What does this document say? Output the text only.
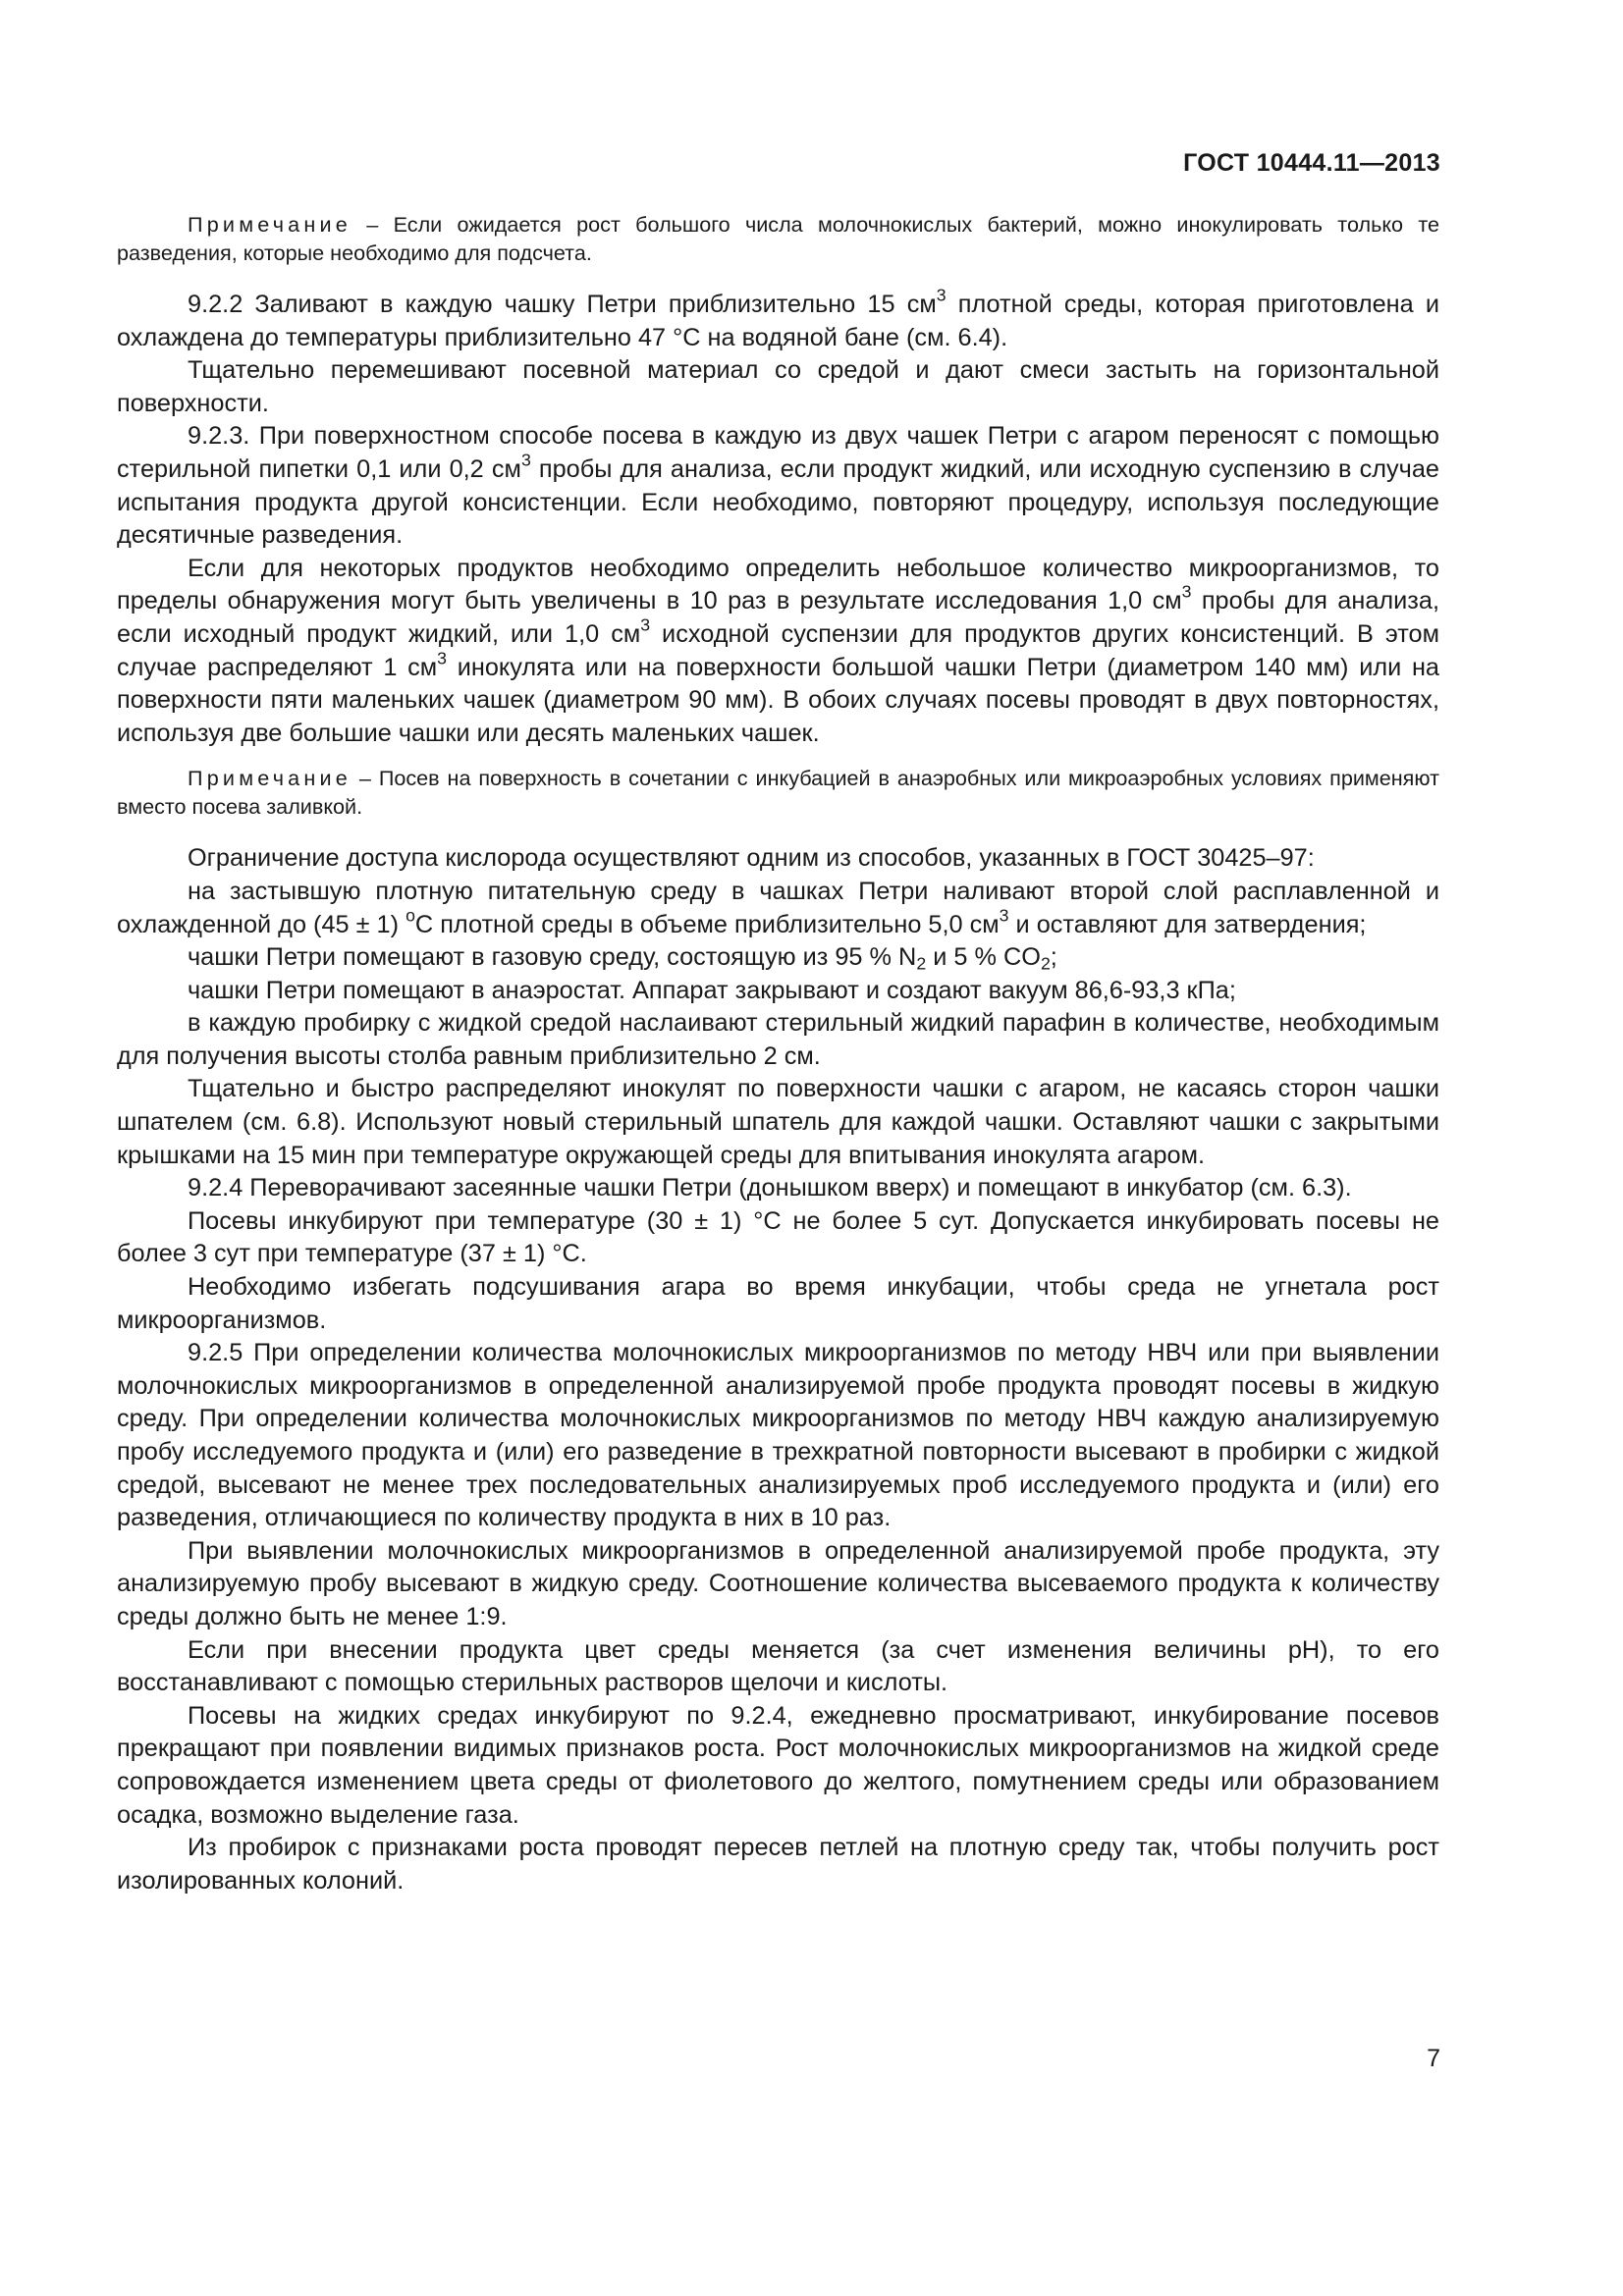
ГОСТ 10444.11—2013

Примечание – Если ожидается рост большого числа молочнокислых бактерий, можно инокулировать только те разведения, которые необходимо для подсчета.

9.2.2 Заливают в каждую чашку Петри приблизительно 15 $см^3$ плотной среды, которая приготовлена и охлаждена до температуры приблизительно 47 °С на водяной бане (см. 6.4).

Тщательно перемешивают посевной материал со средой и дают смеси застыть на горизонтальной поверхности.

9.2.3. При поверхностном способе посева в каждую из двух чашек Петри с агаром переносят с помощью стерильной пипетки 0,1 или 0,2 $см^3$ пробы для анализа, если продукт жидкий, или исходную суспензию в случае испытания продукта другой консистенции. Если необходимо, повторяют процедуру, используя последующие десятичные разведения.

Если для некоторых продуктов необходимо определить небольшое количество микроорганизмов, то пределы обнаружения могут быть увеличены в 10 раз в результате исследования 1,0 $см^3$ пробы для анализа, если исходный продукт жидкий, или 1,0 $см^3$ исходной суспензии для продуктов других консистенций. В этом случае распределяют 1 $см^3$ инокулята или на поверхности большой чашки Петри (диаметром 140 мм) или на поверхности пяти маленьких чашек (диаметром 90 мм). В обоих случаях посевы проводят в двух повторностях, используя две большие чашки или десять маленьких чашек.

Примечание – Посев на поверхность в сочетании с инкубацией в анаэробных или микроаэробных условиях применяют вместо посева заливкой.

Ограничение доступа кислорода осуществляют одним из способов, указанных в ГОСТ 30425–97:

на застывшую плотную питательную среду в чашках Петри наливают второй слой расплавленной и охлажденной до (45 ± 1) $^о$С плотной среды в объеме приблизительно 5,0 $см^3$ и оставляют для затвердения;

чашки Петри помещают в газовую среду, состоящую из 95 % $N_2$ и 5 % $CO_2$;

чашки Петри помещают в анаэростат. Аппарат закрывают и создают вакуум 86,6-93,3 кПа;

в каждую пробирку с жидкой средой наслаивают стерильный жидкий парафин в количестве, необходимым для получения высоты столба равным приблизительно 2 см.

Тщательно и быстро распределяют инокулят по поверхности чашки с агаром, не касаясь сторон чашки шпателем (см. 6.8). Используют новый стерильный шпатель для каждой чашки. Оставляют чашки с закрытыми крышками на 15 мин при температуре окружающей среды для впитывания инокулята агаром.

9.2.4 Переворачивают засеянные чашки Петри (донышком вверх) и помещают в инкубатор (см. 6.3).

Посевы инкубируют при температуре (30 ± 1) °С не более 5 сут. Допускается инкубировать посевы не более 3 сут при температуре (37 ± 1) °С.

Необходимо избегать подсушивания агара во время инкубации, чтобы среда не угнетала рост микроорганизмов.

9.2.5 При определении количества молочнокислых микроорганизмов по методу НВЧ или при выявлении молочнокислых микроорганизмов в определенной анализируемой пробе продукта проводят посевы в жидкую среду. При определении количества молочнокислых микроорганизмов по методу НВЧ каждую анализируемую пробу исследуемого продукта и (или) его разведение в трехкратной повторности высевают в пробирки с жидкой средой, высевают не менее трех последовательных анализируемых проб исследуемого продукта и (или) его разведения, отличающиеся по количеству продукта в них в 10 раз.

При выявлении молочнокислых микроорганизмов в определенной анализируемой пробе продукта, эту анализируемую пробу высевают в жидкую среду. Соотношение количества высеваемого продукта к количеству среды должно быть не менее 1:9.

Если при внесении продукта цвет среды меняется (за счет изменения величины pH), то его восстанавливают с помощью стерильных растворов щелочи и кислоты.

Посевы на жидких средах инкубируют по 9.2.4, ежедневно просматривают, инкубирование посевов прекращают при появлении видимых признаков роста. Рост молочнокислых микроорганизмов на жидкой среде сопровождается изменением цвета среды от фиолетового до желтого, помутнением среды или образованием осадка, возможно выделение газа.

Из пробирок с признаками роста проводят пересев петлей на плотную среду так, чтобы получить рост изолированных колоний.

7
